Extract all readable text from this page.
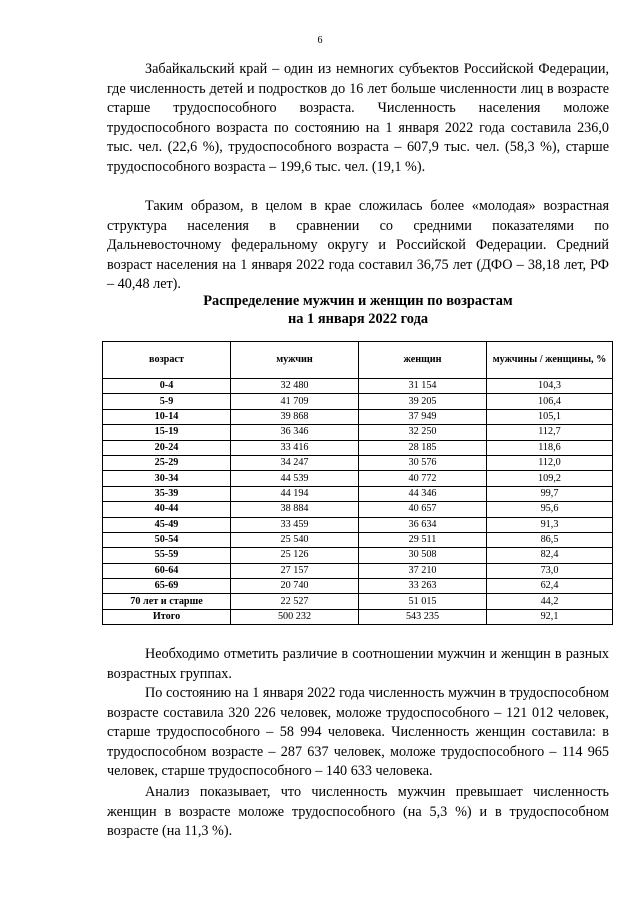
6

Забайкальский край – один из немногих субъектов Российской Федерации, где численность детей и подростков до 16 лет больше численности лиц в возрасте старше трудоспособного возраста. Численность населения моложе трудоспособного возраста по состоянию на 1 января 2022 года составила 236,0 тыс. чел. (22,6 %), трудоспособного возраста – 607,9 тыс. чел. (58,3 %), старше трудоспособного возраста – 199,6 тыс. чел. (19,1 %).

Таким образом, в целом в крае сложилась более «молодая» возрастная структура населения в сравнении со средними показателями по Дальневосточному федеральному округу и Российской Федерации. Средний возраст населения на 1 января 2022 года составил 36,75 лет (ДФО – 38,18 лет, РФ – 40,48 лет).

Распределение мужчин и женщин по возрастам
на 1 января 2022 года
возраст	мужчин	женщин	мужчины / женщины, %
0-4	32 480	31 154	104,3
5-9	41 709	39 205	106,4
10-14	39 868	37 949	105,1
15-19	36 346	32 250	112,7
20-24	33 416	28 185	118,6
25-29	34 247	30 576	112,0
30-34	44 539	40 772	109,2
35-39	44 194	44 346	99,7
40-44	38 884	40 657	95,6
45-49	33 459	36 634	91,3
50-54	25 540	29 511	86,5
55-59	25 126	30 508	82,4
60-64	27 157	37 210	73,0
65-69	20 740	33 263	62,4
70 лет и старше	22 527	51 015	44,2
Итого	500 232	543 235	92,1

Необходимо отметить различие в соотношении мужчин и женщин в разных возрастных группах.

По состоянию на 1 января 2022 года численность мужчин в трудоспособном возрасте составила 320 226 человек, моложе трудоспособного – 121 012 человек, старше трудоспособного – 58 994 человека. Численность женщин составила: в трудоспособном возрасте – 287 637 человек, моложе трудоспособного – 114 965 человек, старше трудоспособного – 140 633 человека.

Анализ показывает, что численность мужчин превышает численность женщин в возрасте моложе трудоспособного (на 5,3 %) и в трудоспособном возрасте (на 11,3 %).
